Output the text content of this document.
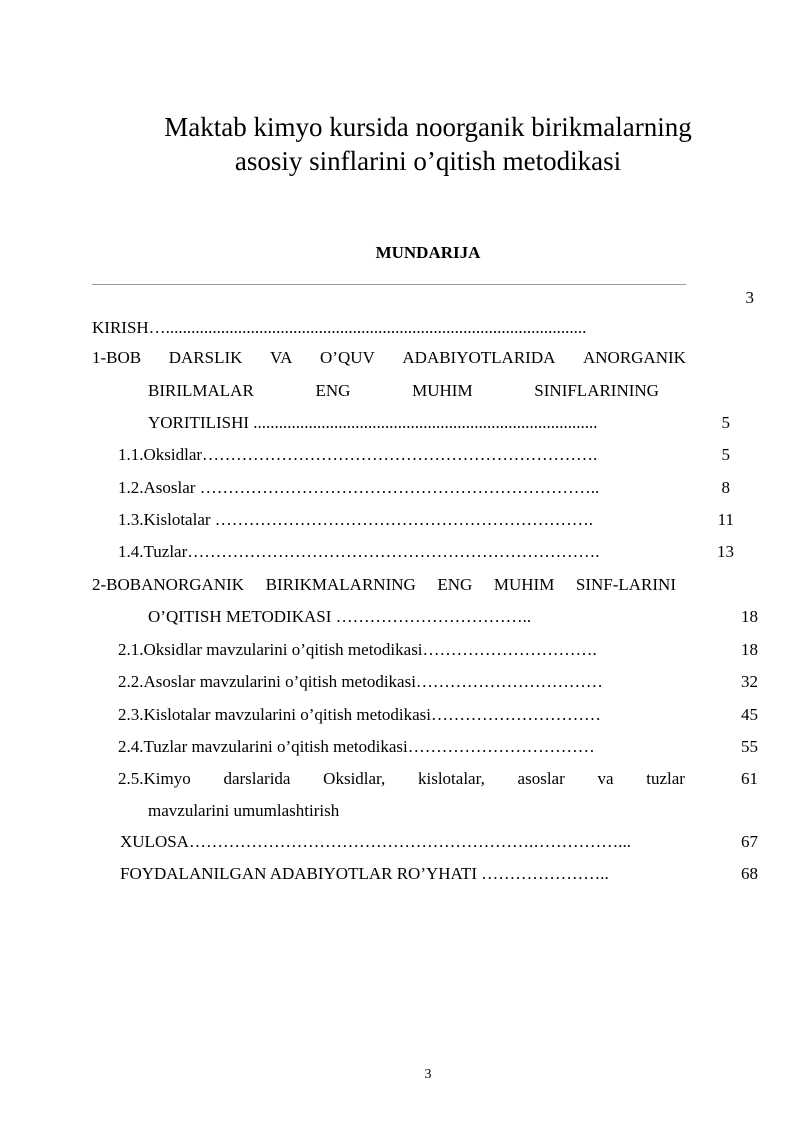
Maktab kimyo kursida noorganik birikmalarning
asosiy sinflarini o’qitish metodikasi
MUNDARIJA
3
KIRISH…...................................................................................................
1-BOB DARSLIK VA O’QUV ADABIYOTLARIDA ANORGANIK
BIRILMALAR	ENG	MUHIM	SINIFLARINING
YORITILISHI .................................................................................	5
1.1.Oksidlar…………………………………………………………….	5
1.2.Asoslar ……………………………………………………………..	8
1.3.Kislotalar ………………………………………………………….	11
1.4.Tuzlar……………………………………………………………….	13
2-BOBANORGANIK BIRIKMALARNING ENG MUHIM SINF-LARINI
O’QITISH METODIKASI ……………………………..	18
2.1.Oksidlar mavzularini o’qitish metodikasi………………………….	18
2.2.Asoslar mavzularini o’qitish metodikasi……………………………	32
2.3.Kislotalar mavzularini o’qitish metodikasi…………………………	45
2.4.Tuzlar mavzularini o’qitish metodikasi……………………………	55
2.5.Kimyo darslarida Oksidlar, kislotalar, asoslar va tuzlar	61
mavzularini umumlashtirish
XULOSA…………………………………………………….……………...	67
FOYDALANILGAN ADABIYOTLAR RO’YHATI …………………..	68
3
